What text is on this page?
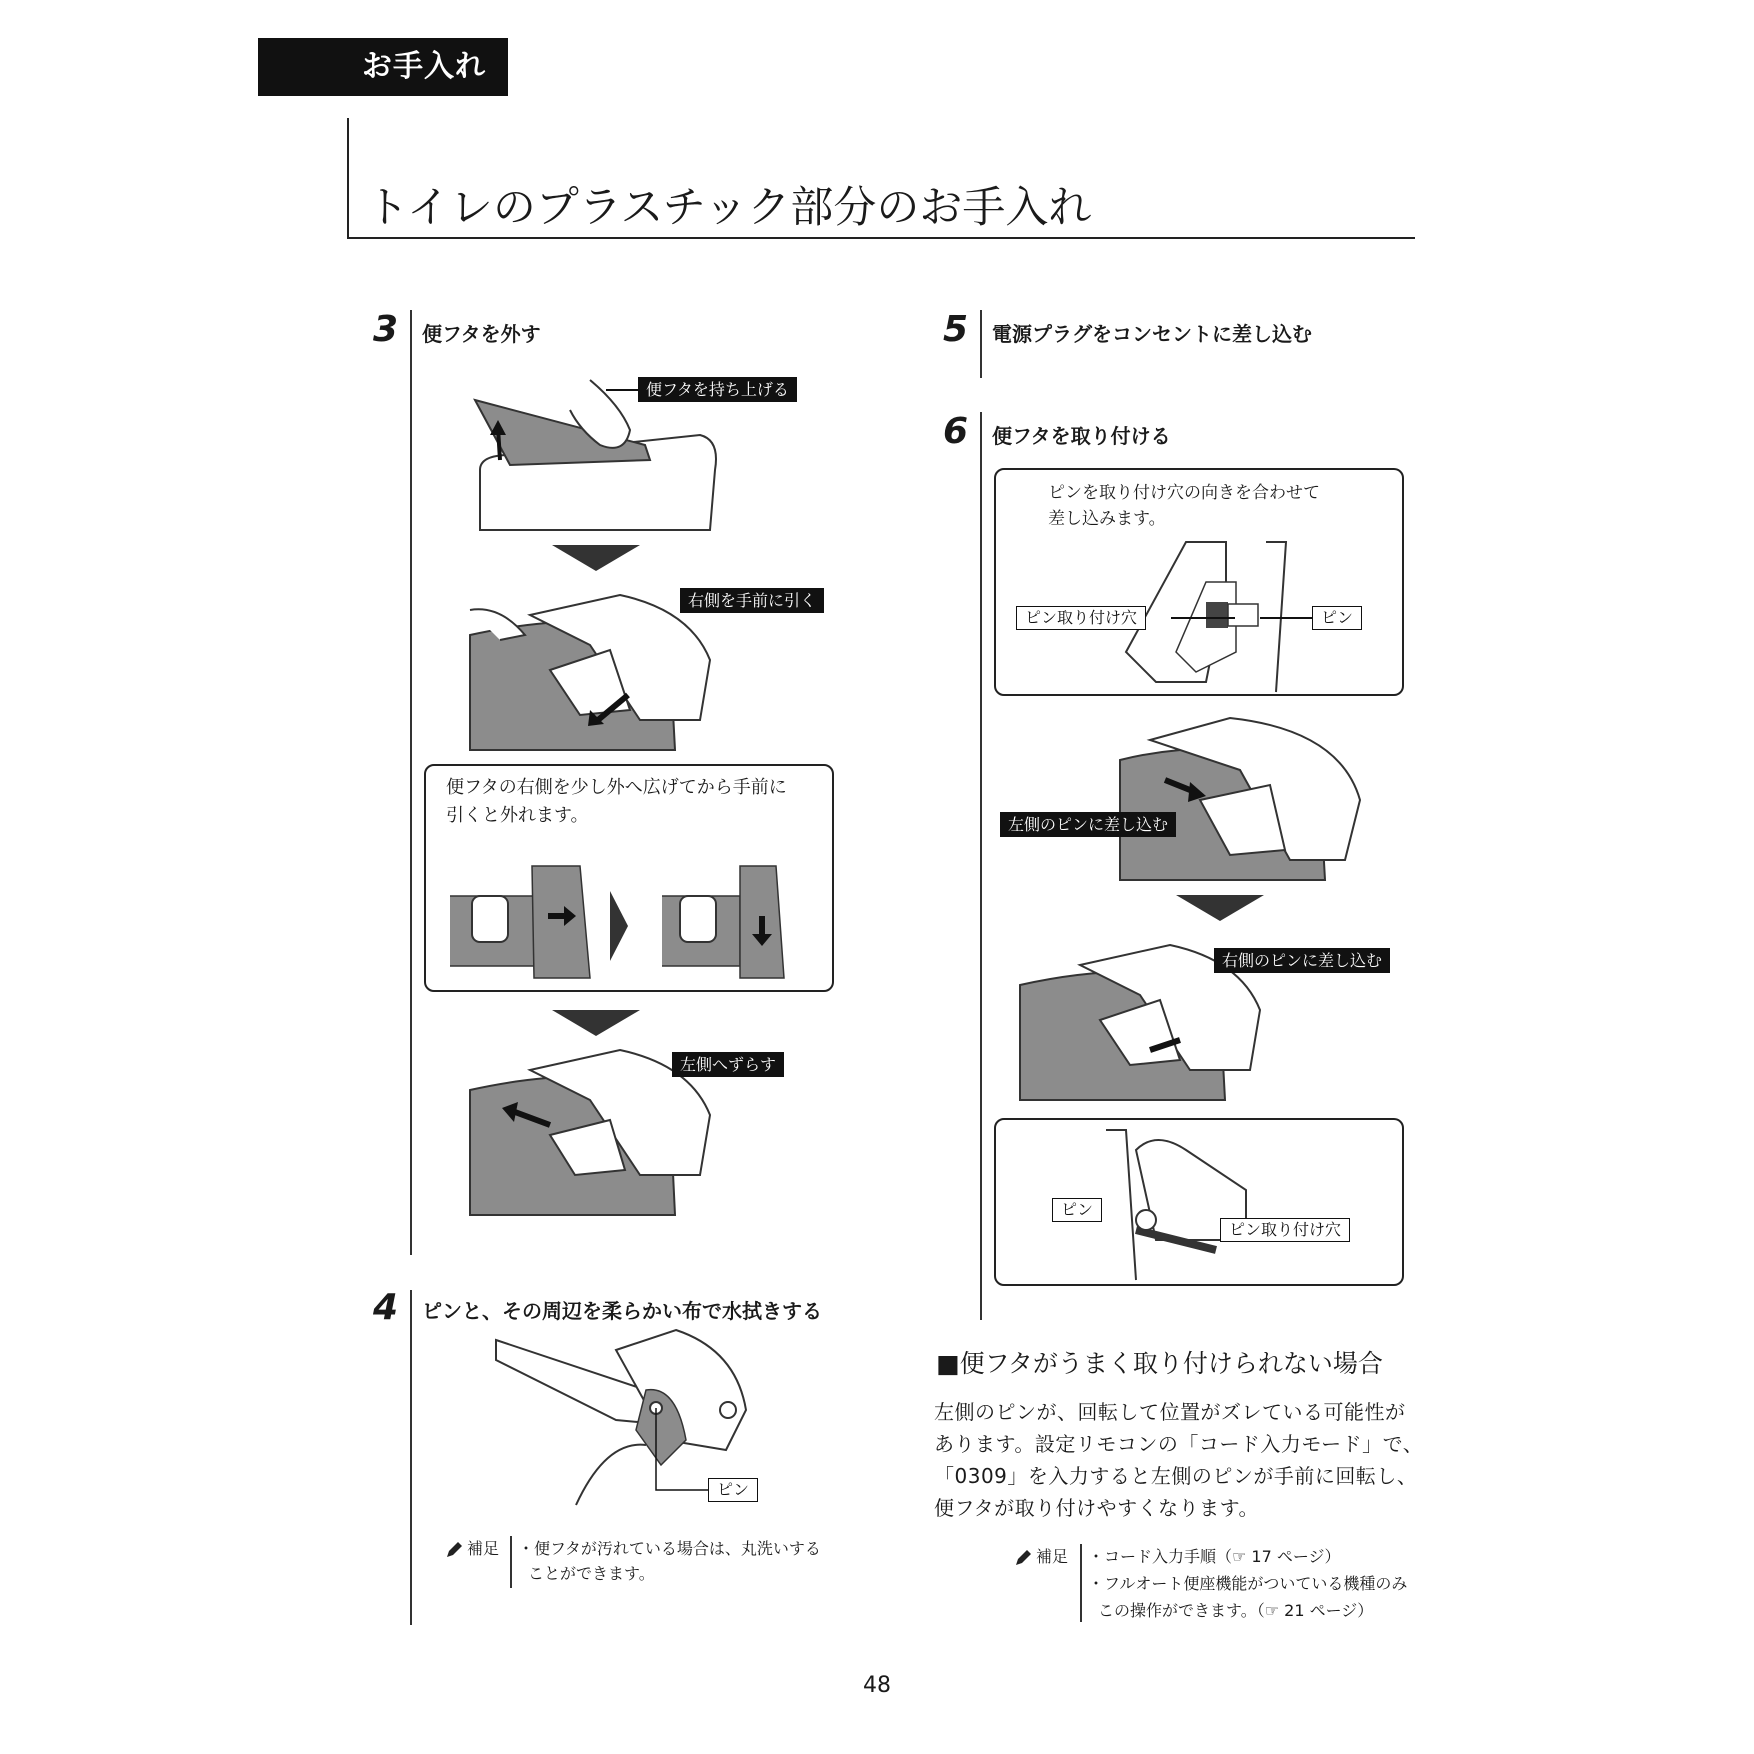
お手入れ
トイレのプラスチック部分のお手入れ
3 便フタを外す
便フタを持ち上げる
右側を手前に引く
便フタの右側を少し外へ広げてから手前に
引くと外れます。
左側へずらす
4 ピンと、その周辺を柔らかい布で水拭きする
ピン
補足 ・便フタが汚れている場合は、丸洗いする
ことができます。
5 電源プラグをコンセントに差し込む
6 便フタを取り付ける
ピンを取り付け穴の向きを合わせて
差し込みます。
ピン取り付け穴	ピン
左側のピンに差し込む
右側のピンに差し込む
ピン
ピン取り付け穴
■便フタがうまく取り付けられない場合
左側のピンが、回転して位置がズレている可能性が
あります。設定リモコンの「コード入力モード」で、
「0309」を入力すると左側のピンが手前に回転し、
便フタが取り付けやすくなります。
補足 ・コード入力手順（☞ 17 ページ）
・フルオート便座機能がついている機種のみ
この操作ができます。（☞ 21 ページ）
48
